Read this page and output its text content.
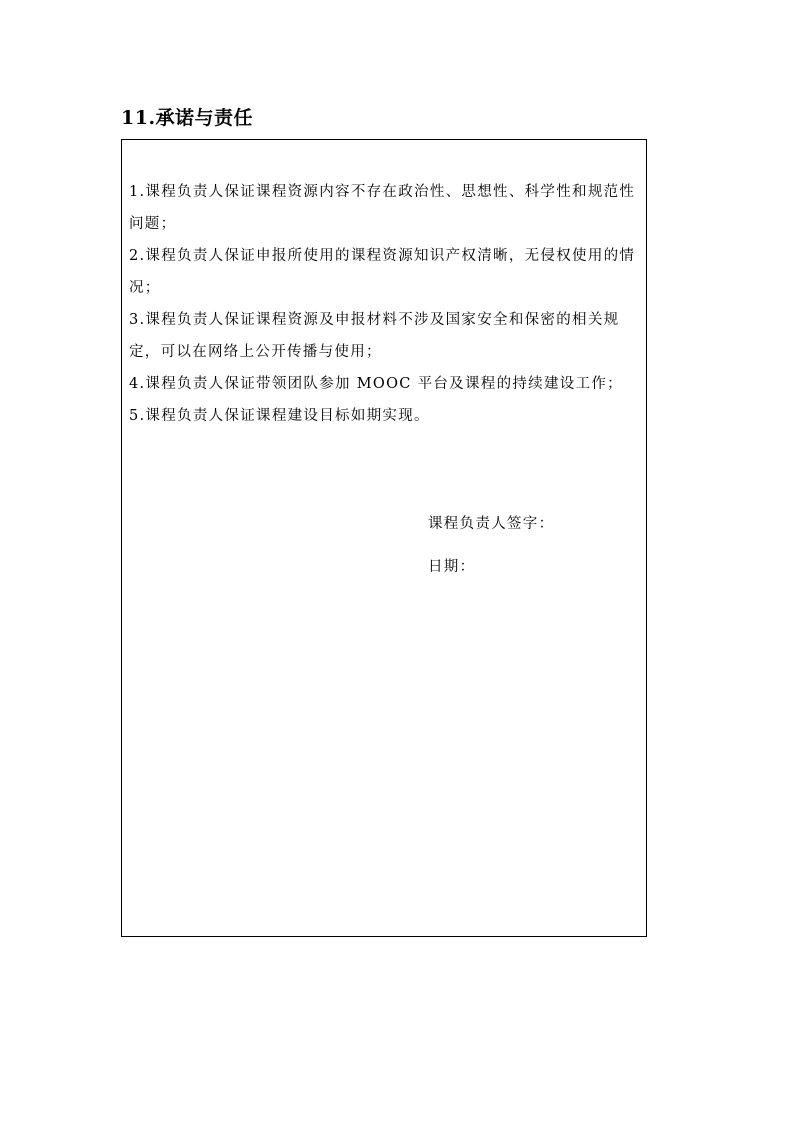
11.承诺与责任
1.课程负责人保证课程资源内容不存在政治性、思想性、科学性和规范性问题；
2.课程负责人保证申报所使用的课程资源知识产权清晰，无侵权使用的情况；
3.课程负责人保证课程资源及申报材料不涉及国家安全和保密的相关规定，可以在网络上公开传播与使用；
4.课程负责人保证带领团队参加 MOOC 平台及课程的持续建设工作；
5.课程负责人保证课程建设目标如期实现。
课程负责人签字：
日期：
